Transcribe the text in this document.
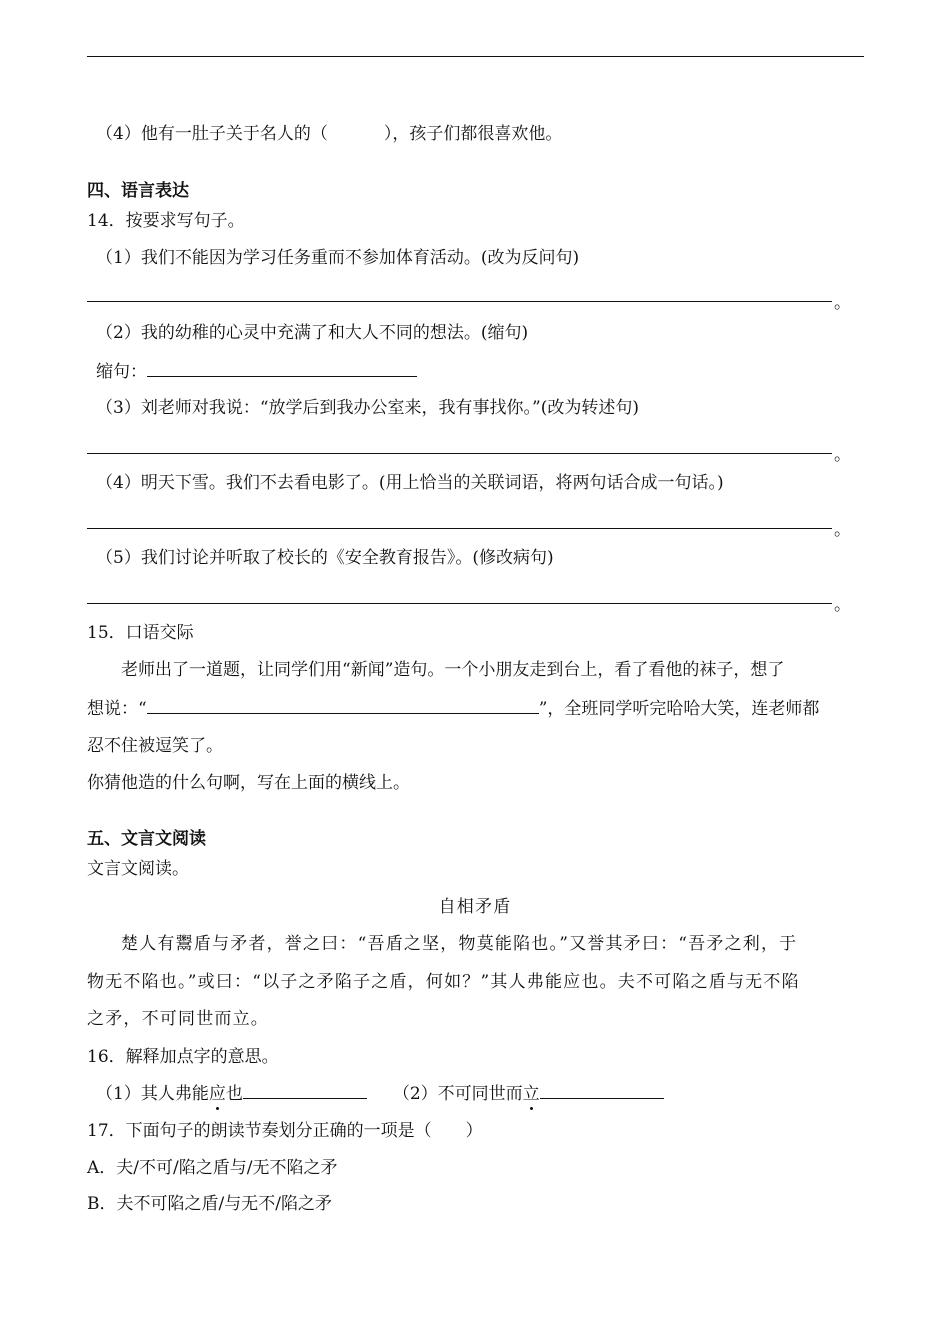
（4）他有一肚子关于名人的（	），孩子们都很喜欢他。
四、语言表达
14．按要求写句子。
（1）我们不能因为学习任务重而不参加体育活动。(改为反问句)
。
（2）我的幼稚的心灵中充满了和大人不同的想法。(缩句)
缩句：
（3）刘老师对我说：“放学后到我办公室来，我有事找你。”(改为转述句)
。
（4）明天下雪。我们不去看电影了。(用上恰当的关联词语，将两句话合成一句话。)
。
（5）我们讨论并听取了校长的《安全教育报告》。(修改病句)
。
15．口语交际
老师出了一道题，让同学们用“新闻”造句。一个小朋友走到台上，看了看他的袜子，想了
想说：“	”，全班同学听完哈哈大笑，连老师都
忍不住被逗笑了。
你猜他造的什么句啊，写在上面的横线上。
五、文言文阅读
文言文阅读。
自相矛盾
楚人有鬻盾与矛者，誉之曰：“吾盾之坚，物莫能陷也。”又誉其矛曰：“吾矛之利，于
物无不陷也。”或曰：“以子之矛陷子之盾，何如？”其人弗能应也。夫不可陷之盾与无不陷
之矛，不可同世而立。
16．解释加点字的意思。
（1）其人弗能应也	（2）不可同世而立
17．下面句子的朗读节奏划分正确的一项是（　　）
A．夫/不可/陷之盾与/无不陷之矛
B．夫不可陷之盾/与无不/陷之矛
